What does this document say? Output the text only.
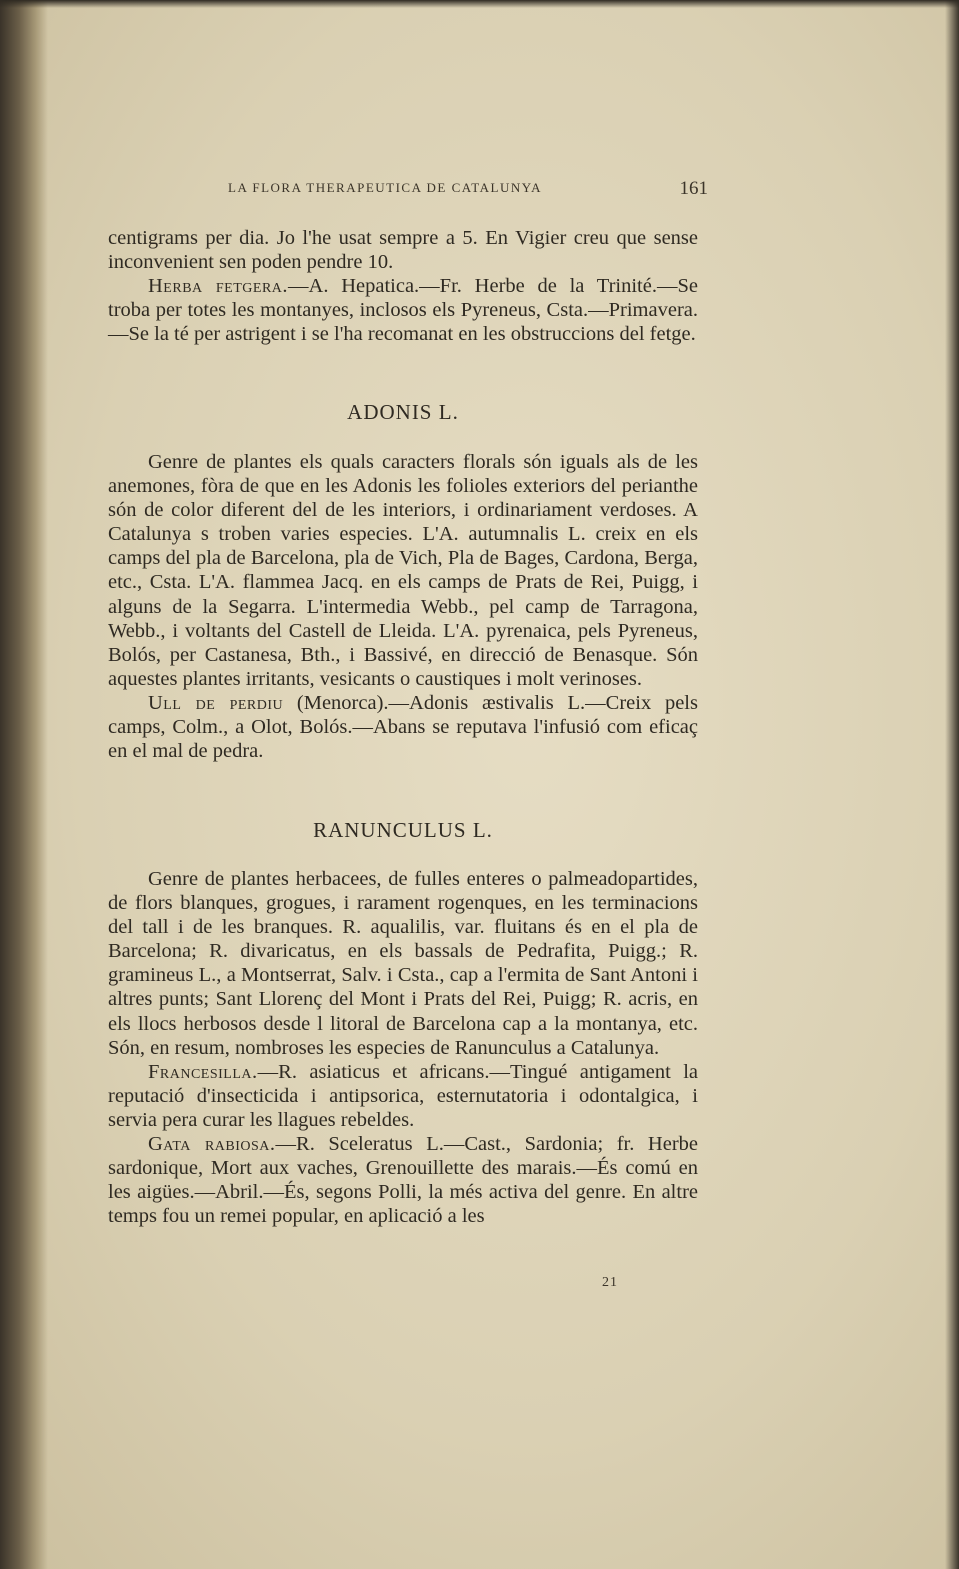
LA FLORA THERAPEUTICA DE CATALUNYA	161

centigrams per dia. Jo l'he usat sempre a 5. En Vigier creu que sense inconvenient sen poden pendre 10.

Herba fetgera.—A. Hepatica.—Fr. Herbe de la Trinité.—Se troba per totes les montanyes, inclosos els Pyreneus, Csta.—Primavera.—Se la té per astrigent i se l'ha recomanat en les obstruccions del fetge.

ADONIS L.

Genre de plantes els quals caracters florals són iguals als de les anemones, fòra de que en les Adonis les folioles exteriors del perianthe són de color diferent del de les interiors, i ordinariament verdoses. A Catalunya s troben varies especies. L'A. autumnalis L. creix en els camps del pla de Barcelona, pla de Vich, Pla de Bages, Cardona, Berga, etc., Csta. L'A. flammea Jacq. en els camps de Prats de Rei, Puigg, i alguns de la Segarra. L'intermedia Webb., pel camp de Tarragona, Webb., i voltants del Castell de Lleida. L'A. pyrenaica, pels Pyreneus, Bolós, per Castanesa, Bth., i Bassivé, en direcció de Benasque. Són aquestes plantes irritants, vesicants o caustiques i molt verinoses.

Ull de perdiu (Menorca).—Adonis æstivalis L.—Creix pels camps, Colm., a Olot, Bolós.—Abans se reputava l'infusió com eficaç en el mal de pedra.

RANUNCULUS L.

Genre de plantes herbacees, de fulles enteres o palmeadopartides, de flors blanques, grogues, i rarament rogenques, en les terminacions del tall i de les branques. R. aqualilis, var. fluitans és en el pla de Barcelona; R. divaricatus, en els bassals de Pedrafita, Puigg.; R. gramineus L., a Montserrat, Salv. i Csta., cap a l'ermita de Sant Antoni i altres punts; Sant Llorenç del Mont i Prats del Rei, Puigg; R. acris, en els llocs herbosos desde l litoral de Barcelona cap a la montanya, etc. Són, en resum, nombroses les especies de Ranunculus a Catalunya.

Francesilla.—R. asiaticus et africans.—Tingué antigament la reputació d'insecticida i antipsorica, esternutatoria i odontalgica, i servia pera curar les llagues rebeldes.

Gata rabiosa.—R. Sceleratus L.—Cast., Sardonia; fr. Herbe sardonique, Mort aux vaches, Grenouillette des marais.—És comú en les aigües.—Abril.—És, segons Polli, la més activa del genre. En altre temps fou un remei popular, en aplicació a les

21
